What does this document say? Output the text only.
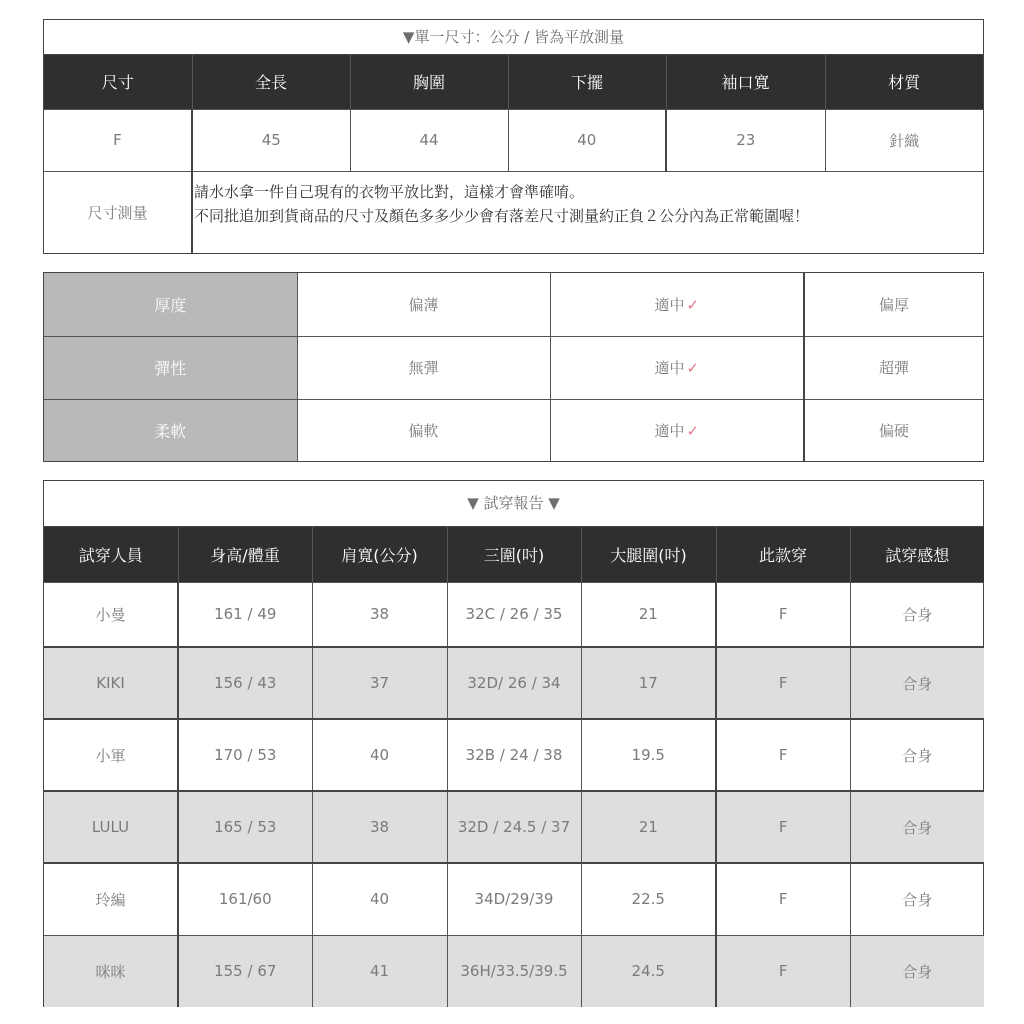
▼單一尺寸：公分 / 皆為平放測量
尺寸	全長	胸圍	下擺	袖口寬	材質
F	45	44	40	23	針織
尺寸測量	請水水拿一件自己現有的衣物平放比對，這樣才會準確唷。
不同批追加到貨商品的尺寸及顏色多多少少會有落差尺寸測量約正負２公分內為正常範圍喔！				
厚度	偏薄	適中 ✓	偏厚
彈性	無彈	適中 ✓	超彈
柔軟	偏軟	適中 ✓	偏硬
▼ 試穿報告 ▼
試穿人員	身高/體重	肩寬(公分)	三圍(吋)	大腿圍(吋)	此款穿	試穿感想
小曼	161 / 49	38	32C / 26 / 35	21	F	合身
KIKI	156 / 43	37	32D/ 26 / 34	17	F	合身
小軍	170 / 53	40	32B / 24 / 38	19.5	F	合身
LULU	165 / 53	38	32D / 24.5 / 37	21	F	合身
玲編	161/60	40	34D/29/39	22.5	F	合身
咪咪	155 / 67	41	36H/33.5/39.5	24.5	F	合身
